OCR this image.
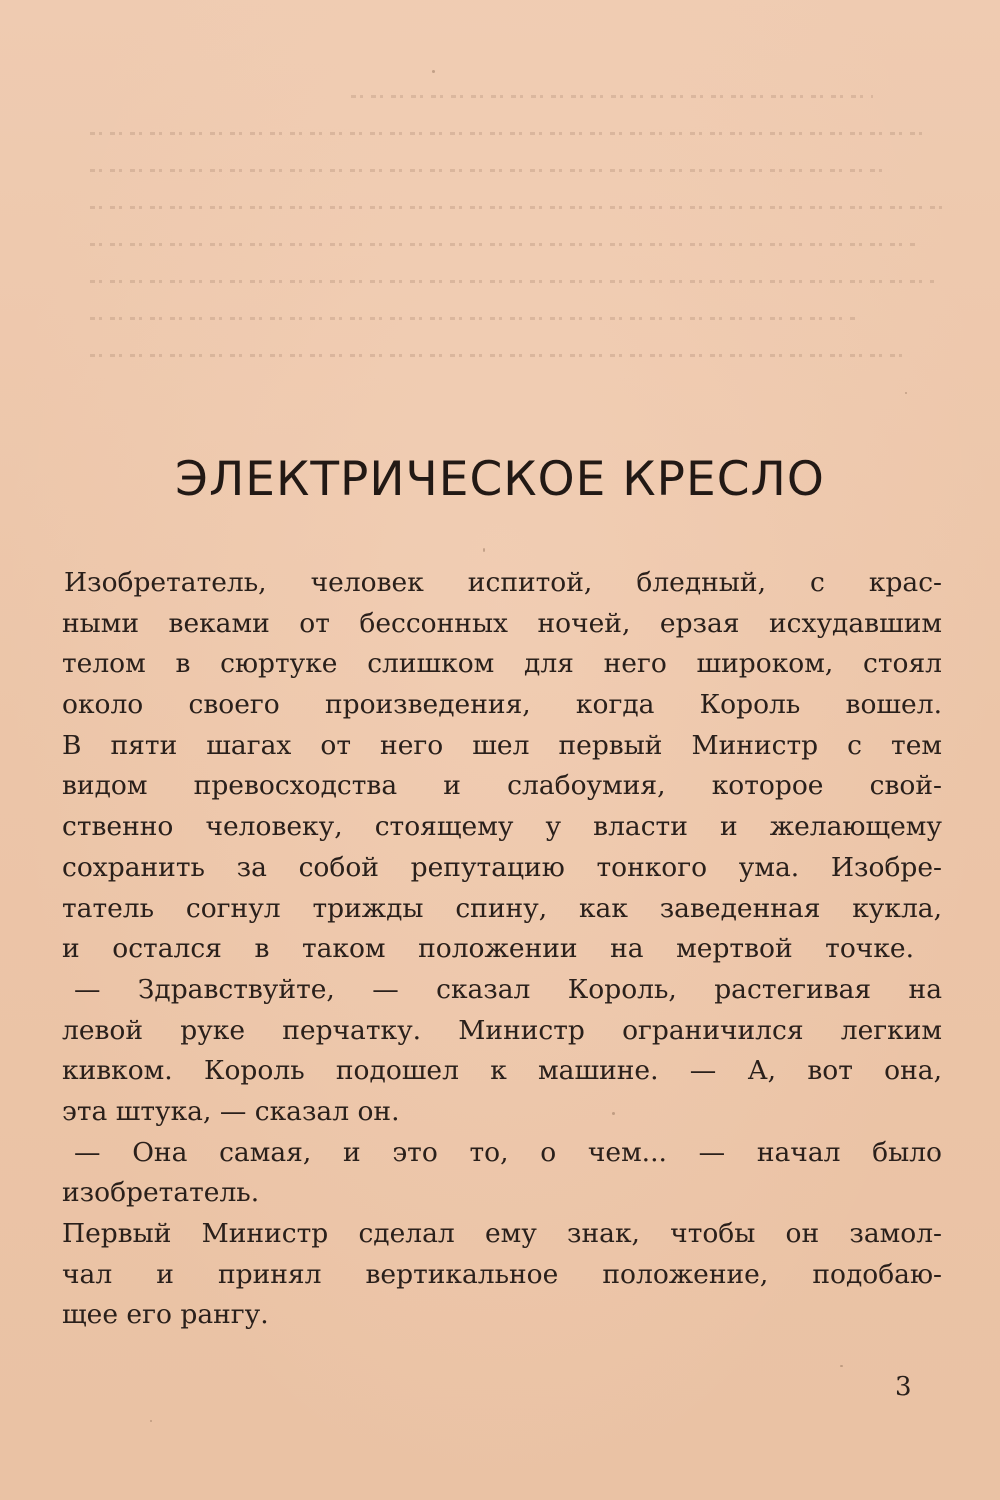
ЭЛЕКТРИЧЕСКОЕ КРЕСЛО
Изобретатель, человек испитой, бледный, с крас-
ными веками от бессонных ночей, ерзая исхудавшим
телом в сюртуке слишком для него широком, стоял
около своего произведения, когда Король вошел.
В пяти шагах от него шел первый Министр с тем
видом превосходства и слабоумия, которое свой-
ственно человеку, стоящему у власти и желающему
сохранить за собой репутацию тонкого ума. Изобре-
татель согнул трижды спину, как заведенная кукла,
и остался в таком положении на мертвой точке.
— Здравствуйте, — сказал Король, растегивая на
левой руке перчатку. Министр ограничился легким
кивком. Король подошел к машине. — А, вот она,
эта штука, — сказал он.
— Она самая, и это то, о чем... — начал было
изобретатель.
Первый Министр сделал ему знак, чтобы он замол-
чал и принял вертикальное положение, подобаю-
щее его рангу.
3
